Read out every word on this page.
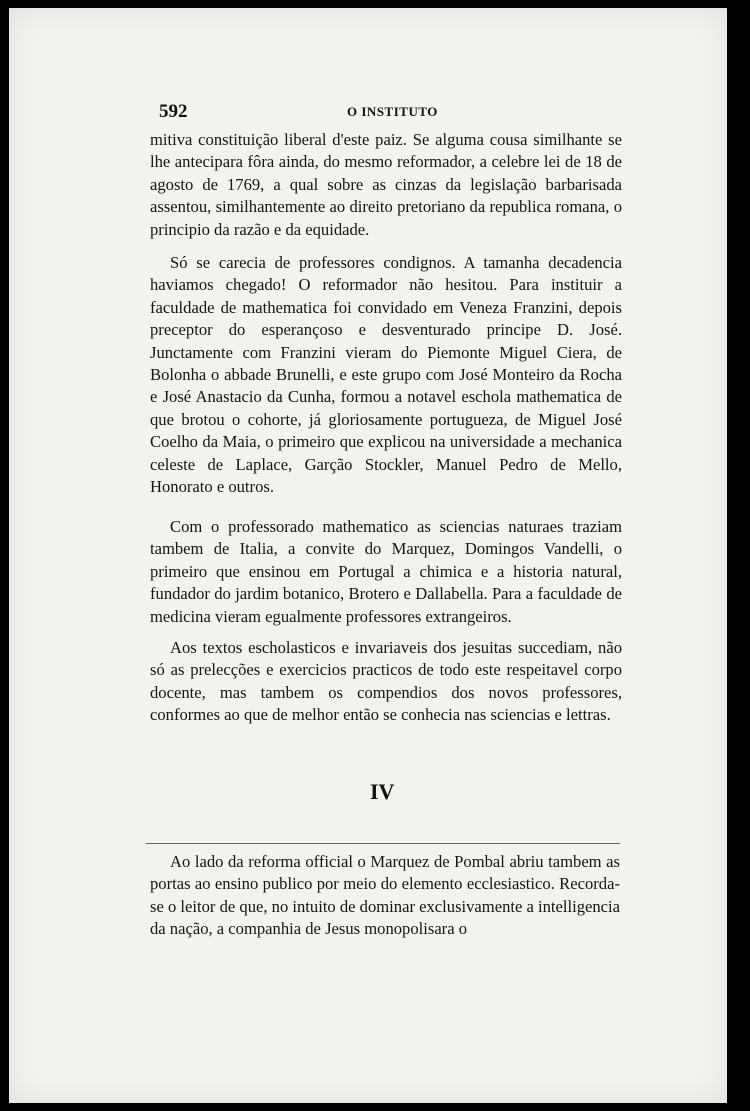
592	O INSTITUTO

mitiva constituição liberal d'este paiz. Se alguma cousa similhante se lhe antecipara fôra ainda, do mesmo reformador, a celebre lei de 18 de agosto de 1769, a qual sobre as cinzas da legislação barbarisada assentou, similhantemente ao direito pretoriano da republica romana, o principio da razão e da equidade.

Só se carecia de professores condignos. A tamanha decadencia haviamos chegado! O reformador não hesitou. Para instituir a faculdade de mathematica foi convidado em Veneza Franzini, depois preceptor do esperançoso e desventurado principe D. José. Junctamente com Franzini vieram do Piemonte Miguel Ciera, de Bolonha o abbade Brunelli, e este grupo com José Monteiro da Rocha e José Anastacio da Cunha, formou a notavel eschola mathematica de que brotou o cohorte, já gloriosamente portugueza, de Miguel José Coelho da Maia, o primeiro que explicou na universidade a mechanica celeste de Laplace, Garção Stockler, Manuel Pedro de Mello, Honorato e outros.

Com o professorado mathematico as sciencias naturaes traziam tambem de Italia, a convite do Marquez, Domingos Vandelli, o primeiro que ensinou em Portugal a chimica e a historia natural, fundador do jardim botanico, Brotero e Dallabella. Para a faculdade de medicina vieram egualmente professores extrangeiros.

Aos textos escholasticos e invariaveis dos jesuitas succediam, não só as prelecções e exercicios practicos de todo este respeitavel corpo docente, mas tambem os compendios dos novos professores, conformes ao que de melhor então se conhecia nas sciencias e lettras.

IV

Ao lado da reforma official o Marquez de Pombal abriu tambem as portas ao ensino publico por meio do elemento ecclesiastico. Recorda-se o leitor de que, no intuito de dominar exclusivamente a intelligencia da nação, a companhia de Jesus monopolisara o
